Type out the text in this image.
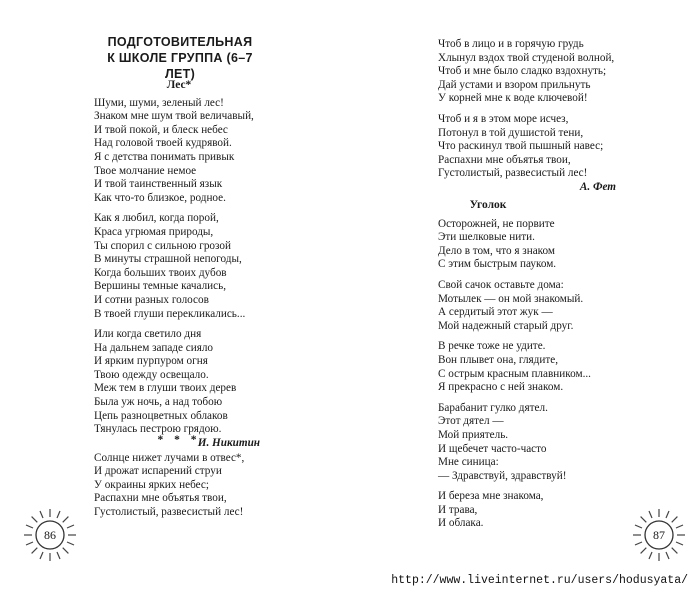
ПОДГОТОВИТЕЛЬНАЯ
К ШКОЛЕ ГРУППА (6–7 ЛЕТ)
Лес*
Шуми, шуми, зеленый лес!
Знаком мне шум твой величавый,
И твой покой, и блеск небес
Над головой твоей кудрявой.
Я с детства понимать привык
Твое молчание немое
И твой таинственный язык
Как что-то близкое, родное.
Как я любил, когда порой,
Краса угрюмая природы,
Ты спорил с сильною грозой
В минуты страшной непогоды,
Когда больших твоих дубов
Вершины темные качались,
И сотни разных голосов
В твоей глуши перекликались...
Или когда светило дня
На дальнем западе сияло
И ярким пурпуром огня
Твою одежду освещало.
Меж тем в глуши твоих дерев
Была уж ночь, а над тобою
Цепь разноцветных облаков
Тянулась пестрою грядою.
И. Никитин
* * *
Солнце нижет лучами в отвес*,
И дрожат испарений струи
У окраины ярких небес;
Распахни мне объятья твои,
Густолистый, развесистый лес!
86
Чтоб в лицо и в горячую грудь
Хлынул вздох твой студеной волной,
Чтоб и мне было сладко вздохнуть;
Дай устами и взором прильнуть
У корней мне к воде ключевой!
Чтоб и я в этом море исчез,
Потонул в той душистой тени,
Что раскинул твой пышный навес;
Распахни мне объятья твои,
Густолистый, развесистый лес!
А. Фет
Уголок
Осторожней, не порвите
Эти шелковые нити.
Дело в том, что я знаком
С этим быстрым пауком.
Свой сачок оставьте дома:
Мотылек — он мой знакомый.
А сердитый этот жук —
Мой надежный старый друг.
В речке тоже не удите.
Вон плывет она, глядите,
С острым красным плавником...
Я прекрасно с ней знаком.
Барабанит гулко дятел.
Этот дятел —
Мой приятель.
И щебечет часто-часто
Мне синица:
— Здравствуй, здравствуй!
И береза мне знакома,
И трава,
И облака.
87
http://www.liveinternet.ru/users/hodusyata/
